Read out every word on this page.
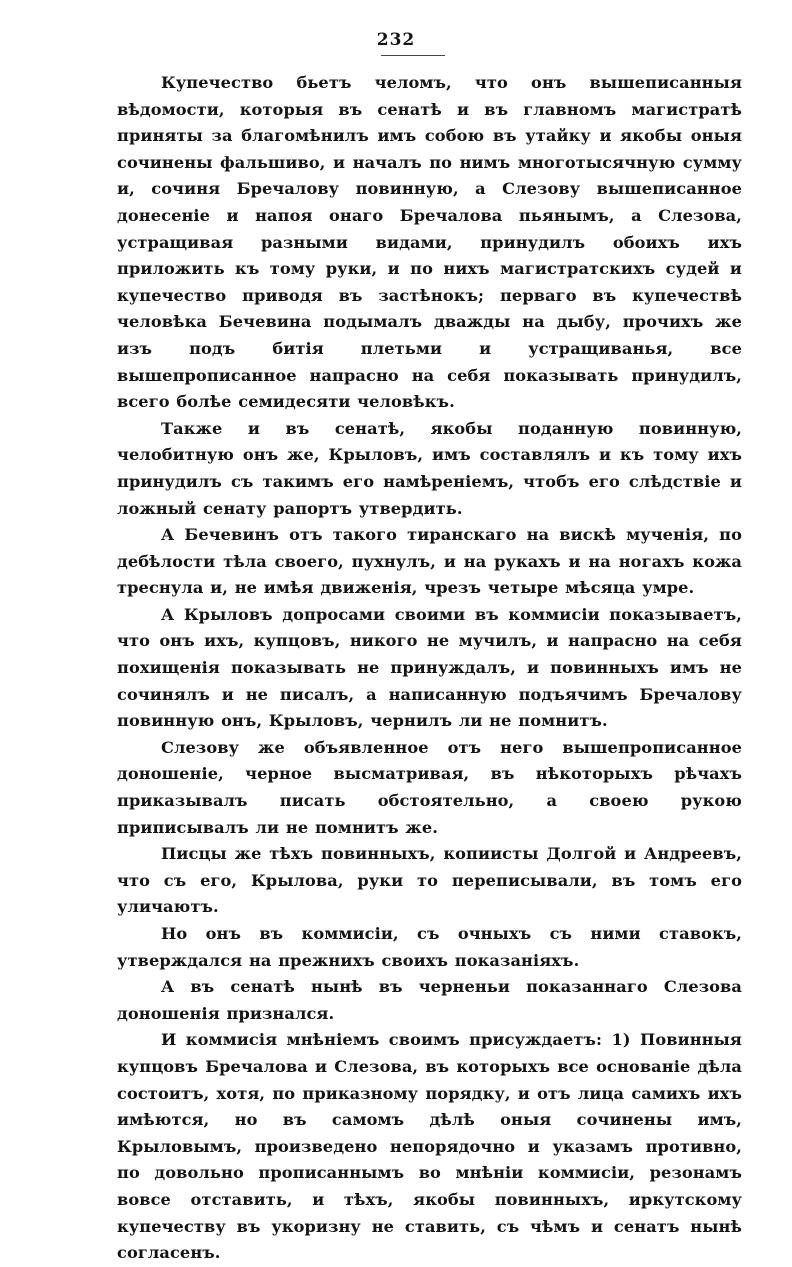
232

Купечество бьетъ челомъ, что онъ вышеписанныя вѣдомости, которыя въ сенатѣ и въ главномъ магистратѣ приняты за благомѣнилъ имъ собою въ утайку и якобы оныя сочинены фальшиво, и началъ по нимъ многотысячную сумму и, сочиня Бречалову повинную, а Слезову вышеписанное донесеніе и напоя онаго Бречалова пьянымъ, а Слезова, устращивая разными видами, принудилъ обоихъ ихъ приложить къ тому руки, и по нихъ магистратскихъ судей и купечество приводя въ застѣнокъ; перваго въ купечествѣ человѣка Бечевина подымалъ дважды на дыбу, прочихъ же изъ подъ битія плетьми и устращиванья, все вышепрописанное напрасно на себя показывать принудилъ, всего болѣе семидесяти человѣкъ.

Также и въ сенатѣ, якобы поданную повинную, челобитную онъ же, Крыловъ, имъ составлялъ и къ тому ихъ принудилъ съ такимъ его намѣреніемъ, чтобъ его слѣдствіе и ложный сенату рапортъ утвердить.

А Бечевинъ отъ такого тиранскаго на вискѣ мученія, по дебѣлости тѣла своего, пухнулъ, и на рукахъ и на ногахъ кожа треснула и, не имѣя движенія, чрезъ четыре мѣсяца умре.

А Крыловъ допросами своими въ коммисіи показываетъ, что онъ ихъ, купцовъ, никого не мучилъ, и напрасно на себя похищенія показывать не принуждалъ, и повинныхъ имъ не сочинялъ и не писалъ, а написанную подъячимъ Бречалову повинную онъ, Крыловъ, чернилъ ли не помнитъ.

Слезову же объявленное отъ него вышепрописанное доношеніе, черное высматривая, въ нѣкоторыхъ рѣчахъ приказывалъ писать обстоятельно, а своею рукою приписывалъ ли не помнитъ же.

Писцы же тѣхъ повинныхъ, копиисты Долгой и Андреевъ, что съ его, Крылова, руки то переписывали, въ томъ его уличаютъ.

Но онъ въ коммисіи, съ очныхъ съ ними ставокъ, утверждался на прежнихъ своихъ показаніяхъ.

А въ сенатѣ нынѣ въ черненьи показаннаго Слезова доношенія признался.

И коммисія мнѣніемъ своимъ присуждаетъ: 1) Повинныя купцовъ Бречалова и Слезова, въ которыхъ все основаніе дѣла состоитъ, хотя, по приказному порядку, и отъ лица самихъ ихъ имѣются, но въ самомъ дѣлѣ оныя сочинены имъ, Крыловымъ, произведено непорядочно и указамъ противно, по довольно прописаннымъ во мнѣніи коммисіи, резонамъ вовсе отставить, и тѣхъ, якобы повинныхъ, иркутскому купечеству въ укоризну не ставить, съ чѣмъ и сенатъ нынѣ согласенъ.
